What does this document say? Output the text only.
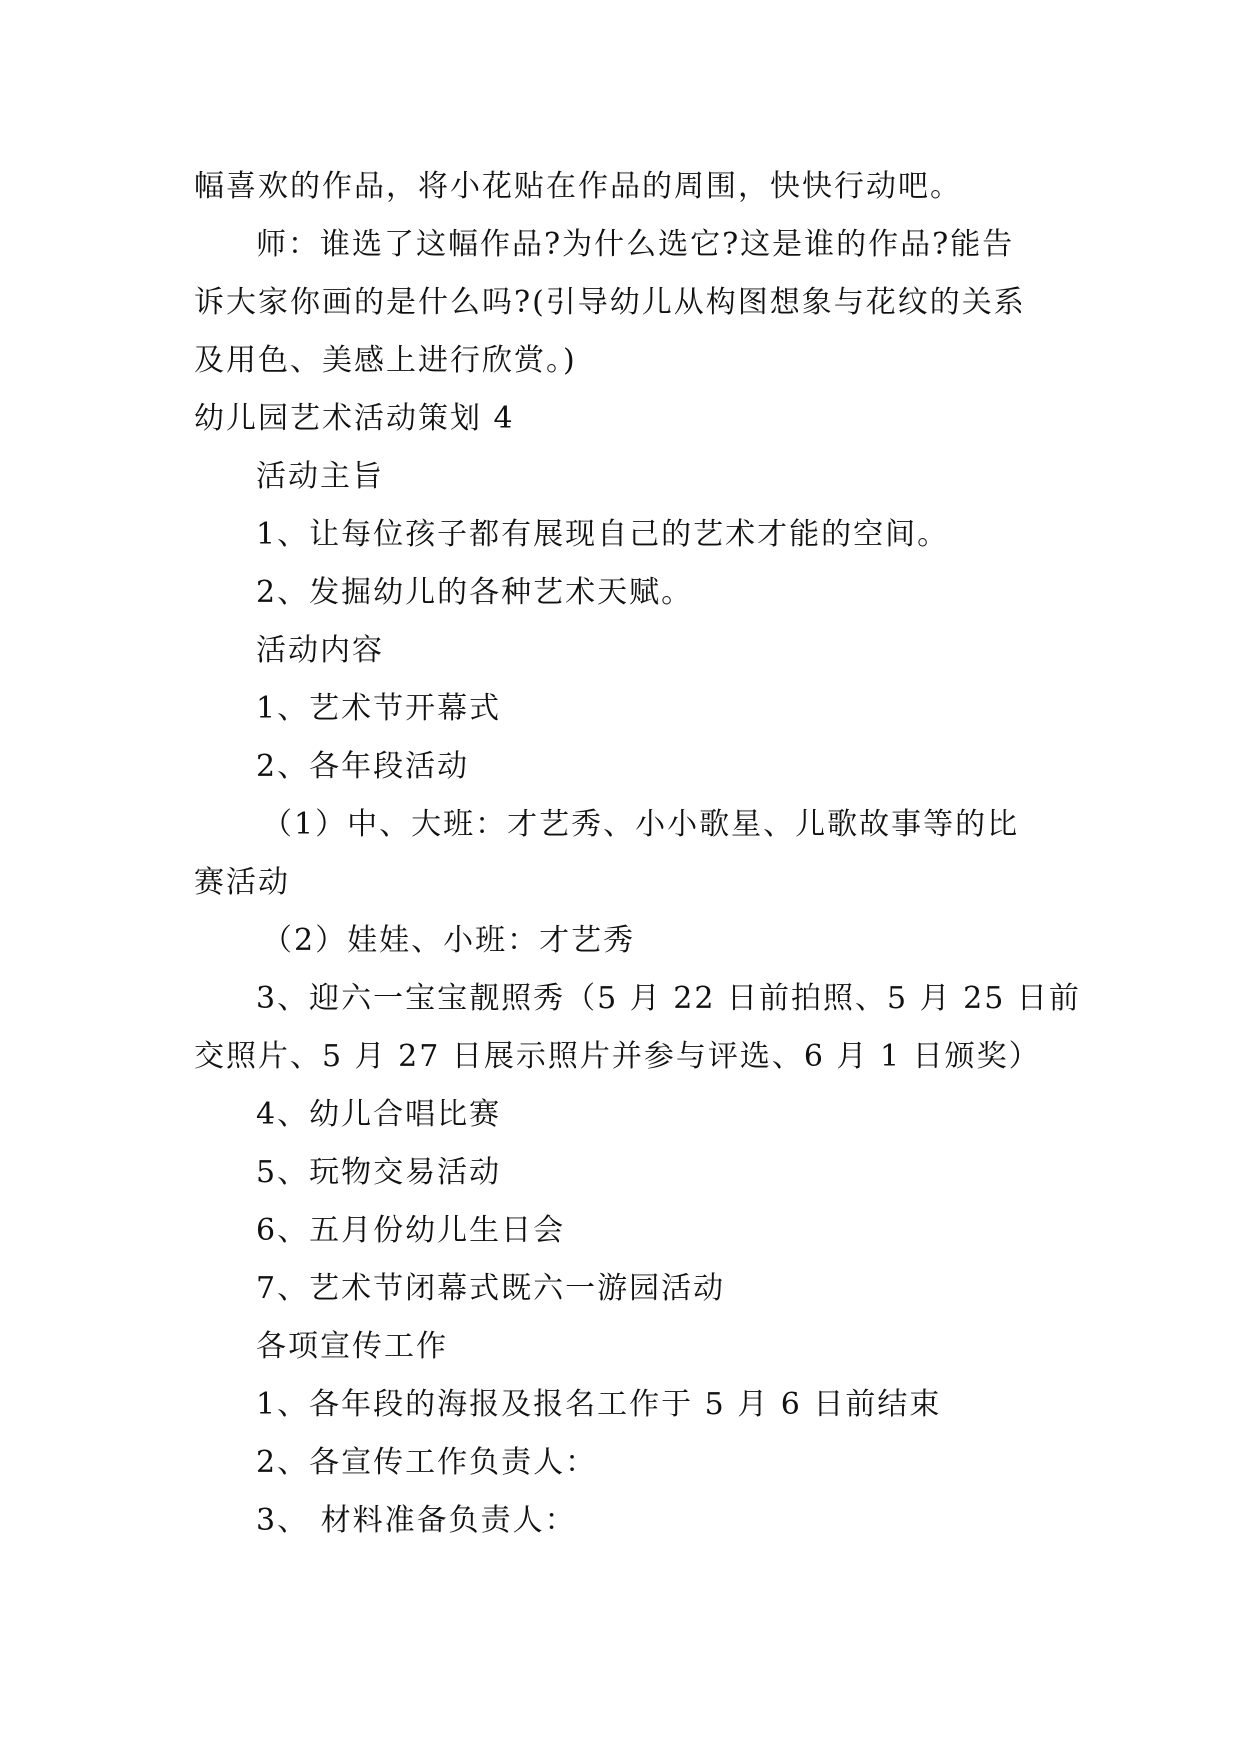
幅喜欢的作品，将小花贴在作品的周围，快快行动吧。
师：谁选了这幅作品?为什么选它?这是谁的作品?能告
诉大家你画的是什么吗?(引导幼儿从构图想象与花纹的关系
及用色、美感上进行欣赏。)
幼儿园艺术活动策划 4
活动主旨
1、让每位孩子都有展现自己的艺术才能的空间。
2、发掘幼儿的各种艺术天赋。
活动内容
1、艺术节开幕式
2、各年段活动
（1）中、大班：才艺秀、小小歌星、儿歌故事等的比
赛活动
（2）娃娃、小班：才艺秀
3、迎六一宝宝靓照秀（5 月 22 日前拍照、5 月 25 日前
交照片、5 月 27 日展示照片并参与评选、6 月 1 日颁奖）
4、幼儿合唱比赛
5、玩物交易活动
6、五月份幼儿生日会
7、艺术节闭幕式既六一游园活动
各项宣传工作
1、各年段的海报及报名工作于 5 月 6 日前结束
2、各宣传工作负责人：
3、 材料准备负责人：
